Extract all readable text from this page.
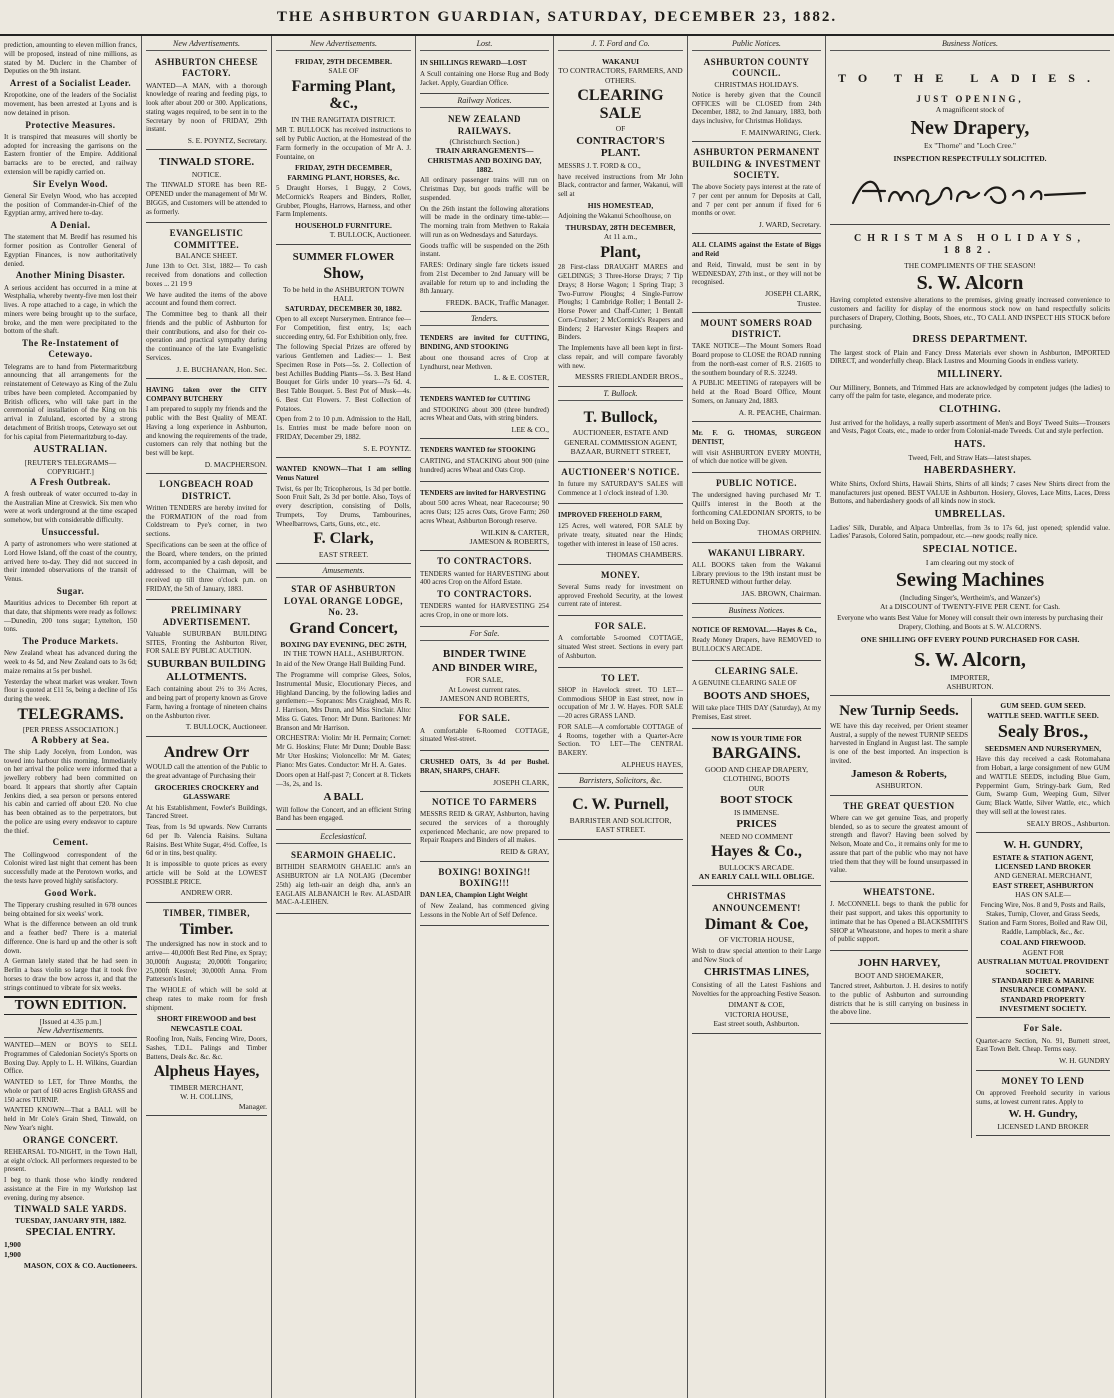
THE ASHBURTON GUARDIAN, SATURDAY, DECEMBER 23, 1882.

prediction, amounting to eleven million francs, will be proposed, instead of nine millions, as stated by M. Duclerc in the Chamber of Deputies on the 9th instant.

Arrest of a Socialist Leader.

Kropotkine, one of the leaders of the Socialist movement, has been arrested at Lyons and is now detained in prison.

Protective Measures.

It is transpired that measures will shortly be adopted for increasing the garrisons on the Eastern frontier of the Empire. Additional barracks are to be erected, and railway extension will be rapidly carried on.

Sir Evelyn Wood.

General Sir Evelyn Wood, who has accepted the position of Commander-in-Chief of the Egyptian army, arrived here to-day.

A Denial.

The statement that M. Bredif has resumed his former position as Controller General of Egyptian Finances, is now authoritatively denied.

Another Mining Disaster.

A serious accident has occurred in a mine at Westphalia, whereby twenty-five men lost their lives. A rope attached to a cage, in which the miners were being brought up to the surface, broke, and the men were precipitated to the bottom of the shaft.

The Re-Instatement of Cetewayo.

Telegrams are to hand from Pietermaritzburg announcing that all arrangements for the reinstatement of Cetewayo as King of the Zulu tribes have been completed. Accompanied by British officers, who will take part in the ceremonial of installation of the King on his arrival in Zululand, escorted by a strong detachment of British troops, Cetewayo set out for his capital from Pietermaritzburg to-day.

AUSTRALIAN.
[REUTER'S TELEGRAMS—COPYRIGHT.]
A Fresh Outbreak.

A fresh outbreak of water occurred to-day in the Australian Mine at Creswick. Six men who were at work underground at the time escaped somehow, but with considerable difficulty.

Unsuccessful.

A party of astronomers who were stationed at Lord Howe Island, off the coast of the country, arrived here to-day. They did not succeed in their intended observations of the transit of Venus.

Sugar.

Mauritius advices to December 6th report at that date, that shipments were ready as follows:—Dunedin, 200 tons sugar; Lyttelton, 150 tons.

The Produce Markets.

New Zealand wheat has advanced during the week to 4s 5d, and New Zealand oats to 3s 6d; maize remains at 5s per bushel.

Yesterday the wheat market was weaker. Town flour is quoted at £11 5s, being a decline of 15s during the week.

TELEGRAMS.
[PER PRESS ASSOCIATION.]
A Robbery at Sea.

The ship Lady Jocelyn, from London, was towed into harbour this morning. Immediately on her arrival the police were informed that a jewellery robbery had been committed on board. It appears that shortly after Captain Jenkins died, a sea person or persons entered his cabin and carried off about £20. No clue has been obtained as to the perpetrators, but the police are using every endeavor to capture the thief.

Cement.

The Collingwood correspondent of the Colonist wired last night that cement has been successfully made at the Perotown works, and the tests have proved highly satisfactory.

Good Work.

The Tipperary crushing resulted in 678 ounces being obtained for six weeks' work.

What is the difference between an old trunk and a feather bed? There is a material difference. One is hard up and the other is soft down.

A German lately stated that he had seen in Berlin a bass violin so large that it took five horses to draw the bow across it, and that the strings continued to vibrate for six weeks.

TOWN EDITION.
[Issued at 4.35 p.m.]
New Advertisements.

WANTED—MEN or BOYS to SELL Programmes of Caledonian Society's Sports on Boxing Day. Apply to L. H. Wilkins, Guardian Office.

WANTED to LET, for Three Months, the whole or part of 160 acres English GRASS and 150 acres TURNIP.

WANTED KNOWN—That a BALL will be held in Mr Cole's Grain Shed, Tinwald, on New Year's night.

ORANGE CONCERT.

REHEARSAL TO-NIGHT, in the Town Hall, at eight o'clock. All performers requested to be present.

I beg to thank those who kindly rendered assistance at the Fire in my Workshop last evening, during my absence.

TINWALD SALE YARDS.
TUESDAY, JANUARY 9TH, 1882.
SPECIAL ENTRY.
1,900
1,900
MASON, COX & CO. Auctioneers.
New Advertisements.
ASHBURTON CHEESE FACTORY.

WANTED—A MAN, with a thorough knowledge of rearing and feeding pigs, to look after about 200 or 300. Applications, stating wages required, to be sent in to the Secretary by noon of FRIDAY, 29th instant.

S. E. POYNTZ, Secretary.
TINWALD STORE.
NOTICE.

The TINWALD STORE has been RE-OPENED under the management of Mr W. BIGGS, and Customers will be attended to as formerly.

EVANGELISTIC COMMITTEE.
BALANCE SHEET.

June 13th to Oct. 31st, 1882— To cash received from donations and collection boxes ... 21 19 9

We have audited the items of the above account and found them correct.

The Committee beg to thank all their friends and the public of Ashburton for their contributions, and also for their co-operation and practical sympathy during the continuance of the late Evangelistic Services.

J. E. BUCHANAN, Hon. Sec.

HAVING taken over the CITY COMPANY BUTCHERY

I am prepared to supply my friends and the public with the Best Quality of MEAT. Having a long experience in Ashburton, and knowing the requirements of the trade, customers can rely that nothing but the best will be kept.

D. MACPHERSON.
LONGBEACH ROAD DISTRICT.

Written TENDERS are hereby invited for the FORMATION of the road from Coldstream to Pye's corner, in two sections.

Specifications can be seen at the office of the Board, where tenders, on the printed form, accompanied by a cash deposit, and addressed to the Chairman, will be received up till three o'clock p.m. on FRIDAY, the 5th of January, 1883.

PRELIMINARY ADVERTISEMENT.

Valuable SUBURBAN BUILDING SITES, Fronting the Ashburton River, FOR SALE BY PUBLIC AUCTION.

SUBURBAN BUILDING ALLOTMENTS.

Each containing about 2½ to 3½ Acres, and being part of property known as Grove Farm, having a frontage of nineteen chains on the Ashburton river.

T. BULLOCK, Auctioneer.
Andrew Orr

WOULD call the attention of the Public to the great advantage of Purchasing their

GROCERIES CROCKERY and GLASSWARE

At his Establishment, Fowler's Buildings, Tancred Street.

Teas, from 1s 9d upwards. New Currants 6d per lb. Valencia Raisins. Sultana Raisins. Best White Sugar, 4½d. Coffee, 1s 6d or in tins, best quality.

It is impossible to quote prices as every article will be Sold at the LOWEST POSSIBLE PRICE.

ANDREW ORR.
TIMBER, TIMBER,
Timber.

The undersigned has now in stock and to arrive— 40,000ft Best Red Pine, ex Spray; 30,000ft Augusta; 20,000ft Tongariro; 25,000ft Kestrel; 30,000ft Anna. From Patterson's Inlet.

The WHOLE of which will be sold at cheap rates to make room for fresh shipment.

SHORT FIREWOOD and best NEWCASTLE COAL

Roofing Iron, Nails, Fencing Wire, Doors, Sashes, T.D.L. Palings and Timber Battens, Deals &c. &c. &c.

Alpheus Hayes,
TIMBER MERCHANT,
W. H. COLLINS,
Manager.
New Advertisements.
FRIDAY, 29TH DECEMBER.
SALE OF
Farming Plant, &c.,
IN THE RANGITATA DISTRICT.

MR T. BULLOCK has received instructions to sell by Public Auction, at the Homestead of the Farm formerly in the occupation of Mr A. J. Fountaine, on

FRIDAY, 29TH DECEMBER,
FARMING PLANT, HORSES, &c.

5 Draught Horses, 1 Buggy, 2 Cows, McCormick's Reapers and Binders, Roller, Grubber, Ploughs, Harrows, Harness, and other Farm Implements.

HOUSEHOLD FURNITURE.
T. BULLOCK, Auctioneer.
SUMMER FLOWER
Show,
To be held in the ASHBURTON TOWN HALL
SATURDAY, DECEMBER 30, 1882.

Open to all except Nurserymen. Entrance fee—For Competition, first entry, 1s; each succeeding entry, 6d. For Exhibition only, free.

The following Special Prizes are offered by various Gentlemen and Ladies:— 1. Best Specimen Rose in Pots—5s. 2. Collection of best Achilles Budding Plants—5s. 3. Best Hand Bouquet for Girls under 10 years—7s 6d. 4. Best Table Bouquet. 5. Best Pot of Musk—4s. 6. Best Cut Flowers. 7. Best Collection of Potatoes.

Open from 2 to 10 p.m. Admission to the Hall, 1s. Entries must be made before noon on FRIDAY, December 29, 1882.

S. E. POYNTZ.

WANTED KNOWN—That I am selling Venus Naturel

Twist, 6s per lb; Tricopherous, 1s 3d per bottle. Soon Fruit Salt, 2s 3d per bottle. Also, Toys of every description, consisting of Dolls, Trumpets, Toy Drums, Tambourines, Wheelbarrows, Carts, Guns, etc., etc.

F. Clark,
EAST STREET.
Amusements.
STAR OF ASHBURTON LOYAL ORANGE LODGE, No. 23.
Grand Concert,
BOXING DAY EVENING, DEC 26TH,
IN THE TOWN HALL, ASHBURTON.

In aid of the New Orange Hall Building Fund.

The Programme will comprise Glees, Solos, Instrumental Music, Elocutionary Pieces, and Highland Dancing, by the following ladies and gentlemen:— Sopranos: Mrs Craighead, Mrs R. J. Harrison, Mrs Dunn, and Miss Sinclair. Alto: Miss G. Gates. Tenor: Mr Dunn. Baritones: Mr Branson and Mr Harrison.

ORCHESTRA: Violin: Mr H. Permain; Cornet: Mr G. Hoskins; Flute: Mr Dunn; Double Bass: Mr Uter Hoskins; Violoncello: Mr M. Gates; Piano: Mrs Gates. Conductor: Mr H. A. Gates.

Doors open at Half-past 7; Concert at 8. Tickets—3s, 2s, and 1s.

A BALL

Will follow the Concert, and an efficient String Band has been engaged.

Ecclesiastical.
SEARMOIN GHAELIC.

BITHIDH SEARMOIN GHAELIC ann's an ASHBURTON air LA NOLAIG (December 25th) aig leth-uair an deigh dha, ann's an EAGLAIS ALBANAICH le Rev. ALASDAIR MAC-A-LEIHEN.

Lost.

IN SHILLINGS REWARD—LOST

A Scull containing one Horse Rug and Body Jacket. Apply, Guardian Office.

Railway Notices.
NEW ZEALAND RAILWAYS.
(Christchurch Section.)
TRAIN ARRANGEMENTS—CHRISTMAS AND BOXING DAY, 1882.

All ordinary passenger trains will run on Christmas Day, but goods traffic will be suspended.

On the 26th instant the following alterations will be made in the ordinary time-table:— The morning train from Methven to Rakaia will run as on Wednesdays and Saturdays.

Goods traffic will be suspended on the 26th instant.

FARES: Ordinary single fare tickets issued from 21st December to 2nd January will be available for return up to and including the 8th January.

FREDK. BACK, Traffic Manager.
Tenders.

TENDERS are invited for CUTTING, BINDING, AND STOOKING

about one thousand acres of Crop at Lyndhurst, near Methven.

L. & E. COSTER,

TENDERS WANTED for CUTTING

and STOOKING about 300 (three hundred) acres Wheat and Oats, with string binders.

LEE & CO.,

TENDERS WANTED for STOOKING

CARTING, and STACKING about 900 (nine hundred) acres Wheat and Oats Crop.

TENDERS are invited for HARVESTING

about 500 acres Wheat, near Racecourse; 90 acres Oats; 125 acres Oats, Grove Farm; 260 acres Wheat, Ashburton Borough reserve.

WILKIN & CARTER,
JAMESON & ROBERTS,
TO CONTRACTORS.

TENDERS wanted for HARVESTING about 400 acres Crop on the Alford Estate.

TO CONTRACTORS.

TENDERS wanted for HARVESTING 254 acres Crop, in one or more lots.

For Sale.
BINDER TWINE
AND BINDER WIRE,
FOR SALE,
At Lowest current rates.
JAMESON AND ROBERTS,
FOR SALE.

A comfortable 6-Roomed COTTAGE, situated West-street.

CRUSHED OATS, 3s 4d per Bushel. BRAN, SHARPS, CHAFF.

JOSEPH CLARK,
NOTICE TO FARMERS

MESSRS REID & GRAY, Ashburton, having secured the services of a thoroughly experienced Mechanic, are now prepared to Repair Reapers and Binders of all makes.

REID & GRAY,
BOXING! BOXING!! BOXING!!!

DAN LEA, Champion Light Weight

of New Zealand, has commenced giving Lessons in the Noble Art of Self Defence.

J. T. Ford and Co.
WAKANUI
TO CONTRACTORS, FARMERS, AND OTHERS.
CLEARING SALE
OF
CONTRACTOR'S PLANT.

MESSRS J. T. FORD & CO.,

have received instructions from Mr John Black, contractor and farmer, Wakanui, will sell at

HIS HOMESTEAD,

Adjoining the Wakanui Schoolhouse, on

THURSDAY, 28TH DECEMBER,
At 11 a.m.,
Plant,

28 First-class DRAUGHT MARES and GELDINGS; 3 Three-Horse Drays; 7 Tip Drays; 8 Horse Wagon; 1 Spring Trap; 3 Two-Furrow Ploughs; 4 Single-Furrow Ploughs; 1 Cambridge Roller; 1 Bentall 2-Horse Power and Chaff-Cutter; 1 Bentall Corn-Crusher; 2 McCormick's Reapers and Binders; 2 Harvester Kings Reapers and Binders.

The Implements have all been kept in first-class repair, and will compare favorably with new.

MESSRS FRIEDLANDER BROS.,
T. Bullock.
T. Bullock,
AUCTIONEER, ESTATE AND GENERAL COMMISSION AGENT,
BAZAAR, BURNETT STREET,
AUCTIONEER'S NOTICE.

In future my SATURDAY'S SALES will Commence at 1 o'clock instead of 1.30.

IMPROVED FREEHOLD FARM,

125 Acres, well watered, FOR SALE by private treaty, situated near the Hinds; together with interest in lease of 150 acres.

THOMAS CHAMBERS.
MONEY.

Several Sums ready for investment on approved Freehold Security, at the lowest current rate of interest.

FOR SALE.

A comfortable 5-roomed COTTAGE, situated West street. Sections in every part of Ashburton.

TO LET.

SHOP in Havelock street. TO LET—Commodious SHOP in East street, now in occupation of Mr J. W. Hayes. FOR SALE—20 acres GRASS LAND.

FOR SALE—A comfortable COTTAGE of 4 Rooms, together with a Quarter-Acre Section. TO LET—The CENTRAL BAKERY.

ALPHEUS HAYES,
Barristers, Solicitors, &c.
C. W. Purnell,
BARRISTER AND SOLICITOR,
EAST STREET.
Public Notices.
ASHBURTON COUNTY COUNCIL.
CHRISTMAS HOLIDAYS.

Notice is hereby given that the Council OFFICES will be CLOSED from 24th December, 1882, to 2nd January, 1883, both days inclusive, for Christmas Holidays.

F. MAINWARING, Clerk.
ASHBURTON PERMANENT BUILDING & INVESTMENT SOCIETY.

The above Society pays interest at the rate of 7 per cent per annum for Deposits at Call, and 7 per cent per annum if fixed for 6 months or over.

J. WARD, Secretary.

ALL CLAIMS against the Estate of Biggs and Reid

and Reid, Tinwald, must be sent in by WEDNESDAY, 27th inst., or they will not be recognised.

JOSEPH CLARK,
Trustee.
MOUNT SOMERS ROAD DISTRICT.

TAKE NOTICE—The Mount Somers Road Board propose to CLOSE the ROAD running from the north-east corner of R.S. 21605 to the southern boundary of R.S. 32249.

A PUBLIC MEETING of ratepayers will be held at the Road Board Office, Mount Somers, on January 2nd, 1883.

A. R. PEACHE, Chairman.

Mr. F. G. THOMAS, SURGEON DENTIST,

will visit ASHBURTON EVERY MONTH, of which due notice will be given.

PUBLIC NOTICE.

The undersigned having purchased Mr T. Quill's interest in the Booth at the forthcoming CALEDONIAN SPORTS, to be held on Boxing Day.

THOMAS ORPHIN.
WAKANUI LIBRARY.

ALL BOOKS taken from the Wakanui Library previous to the 19th instant must be RETURNED without further delay.

JAS. BROWN, Chairman.
Business Notices.

NOTICE OF REMOVAL.—Hayes & Co.,

Ready Money Drapers, have REMOVED to BULLOCK'S ARCADE.

CLEARING SALE.

A GENUINE CLEARING SALE OF

BOOTS AND SHOES,

Will take place THIS DAY (Saturday), At my Premises, East street.

NOW IS YOUR TIME FOR
BARGAINS.
GOOD AND CHEAP DRAPERY, CLOTHING, BOOTS
OUR
BOOT STOCK
IS IMMENSE.
PRICES
NEED NO COMMENT
Hayes & Co.,
BULLOCK'S ARCADE.
AN EARLY CALL WILL OBLIGE.
CHRISTMAS ANNOUNCEMENT!
Dimant & Coe,
OF VICTORIA HOUSE,

Wish to draw special attention to their Large and New Stock of

CHRISTMAS LINES,

Consisting of all the Latest Fashions and Novelties for the approaching Festive Season.

DIMANT & COE,
VICTORIA HOUSE,
East street south, Ashburton.
Business Notices.
TO THE LADIES.
JUST OPENING,
A magnificent stock of
New Drapery,
Ex "Thorne" and "Loch Cree."
INSPECTION RESPECTFULLY SOLICITED.
CHRISTMAS HOLIDAYS, 1882.
THE COMPLIMENTS OF THE SEASON!
S. W. Alcorn

Having completed extensive alterations to the premises, giving greatly increased convenience to customers and facility for display of the enormous stock now on hand respectfully solicits purchasers of Drapery, Clothing, Boots, Shoes, etc., TO CALL AND INSPECT HIS STOCK before purchasing.

DRESS DEPARTMENT.

The largest stock of Plain and Fancy Dress Materials ever shown in Ashburton, IMPORTED DIRECT, and wonderfully cheap. Black Lustres and Mourning Goods in endless variety.

MILLINERY.

Our Millinery, Bonnets, and Trimmed Hats are acknowledged by competent judges (the ladies) to carry off the palm for taste, elegance, and moderate price.

CLOTHING.

Just arrived for the holidays, a really superb assortment of Men's and Boys' Tweed Suits—Trousers and Vests, Pagot Coats, etc., made to order from Colonial-made Tweeds. Cut and style perfection.

HATS.

Tweed, Felt, and Straw Hats—latest shapes.

HABERDASHERY.

White Shirts, Oxford Shirts, Hawaii Shirts, Shirts of all kinds; 7 cases New Shirts direct from the manufacturers just opened. BEST VALUE in Ashburton. Hosiery, Gloves, Lace Mitts, Laces, Dress Buttons, and haberdashery goods of all kinds now in stock.

UMBRELLAS.

Ladies' Silk, Durable, and Alpaca Umbrellas, from 3s to 17s 6d, just opened; splendid value. Ladies' Parasols, Colored Satin, pompadour, etc.—new goods; really nice.

SPECIAL NOTICE.
I am clearing out my stock of
Sewing Machines
(Including Singer's, Wertheim's, and Wanzer's)
At a DISCOUNT of TWENTY-FIVE PER CENT. for Cash.

Everyone who wants Best Value for Money will consult their own interests by purchasing their Drapery, Clothing, and Boots at S. W. ALCORN'S.

ONE SHILLING OFF EVERY POUND PURCHASED FOR CASH.
S. W. Alcorn,
IMPORTER,
ASHBURTON.
New Turnip Seeds.

WE have this day received, per Orient steamer Austral, a supply of the newest TURNIP SEEDS harvested in England in August last. The sample is one of the best imported. An inspection is invited.

Jameson & Roberts,
ASHBURTON.
THE GREAT QUESTION

Where can we get genuine Teas, and properly blended, so as to secure the greatest amount of strength and flavor? Having been solved by Nelson, Moate and Co., it remains only for me to assure that part of the public who may not have tried them that they will be found unsurpassed in value.

WHEATSTONE.

J. McCONNELL begs to thank the public for their past support, and takes this opportunity to intimate that he has Opened a BLACKSMITH'S SHOP at Wheatstone, and hopes to merit a share of public support.

JOHN HARVEY,
BOOT AND SHOEMAKER,

Tancred street, Ashburton. J. H. desires to notify to the public of Ashburton and surrounding districts that he is still carrying on business in the above line.

GUM SEED. GUM SEED.
WATTLE SEED. WATTLE SEED.
Sealy Bros.,
SEEDSMEN AND NURSERYMEN,

Have this day received a cask Rotomahana from Hobart, a large consignment of new GUM and WATTLE SEEDS, including Blue Gum, Peppermint Gum, Stringy-bark Gum, Red Gum, Swamp Gum, Weeping Gum, Silver Gum; Black Wattle, Silver Wattle, etc., which they will sell at the lowest rates.

SEALY BROS., Ashburton.
W. H. GUNDRY,
ESTATE & STATION AGENT, LICENSED LAND BROKER
AND GENERAL MERCHANT,
EAST STREET, ASHBURTON
HAS ON SALE—

Fencing Wire, Nos. 8 and 9, Posts and Rails, Stakes, Turnip, Clover, and Grass Seeds, Station and Farm Stores, Boiled and Raw Oil, Raddle, Lampblack, &c., &c.

COAL AND FIREWOOD.
AGENT FOR
AUSTRALIAN MUTUAL PROVIDENT SOCIETY.
STANDARD FIRE & MARINE INSURANCE COMPANY.
STANDARD PROPERTY INVESTMENT SOCIETY.
For Sale.

Quarter-acre Section, No. 91, Burnett street, East Town Belt. Cheap. Terms easy.

W. H. GUNDRY
MONEY TO LEND

On approved Freehold security in various sums, at lowest current rates. Apply to

W. H. Gundry,
LICENSED LAND BROKER
